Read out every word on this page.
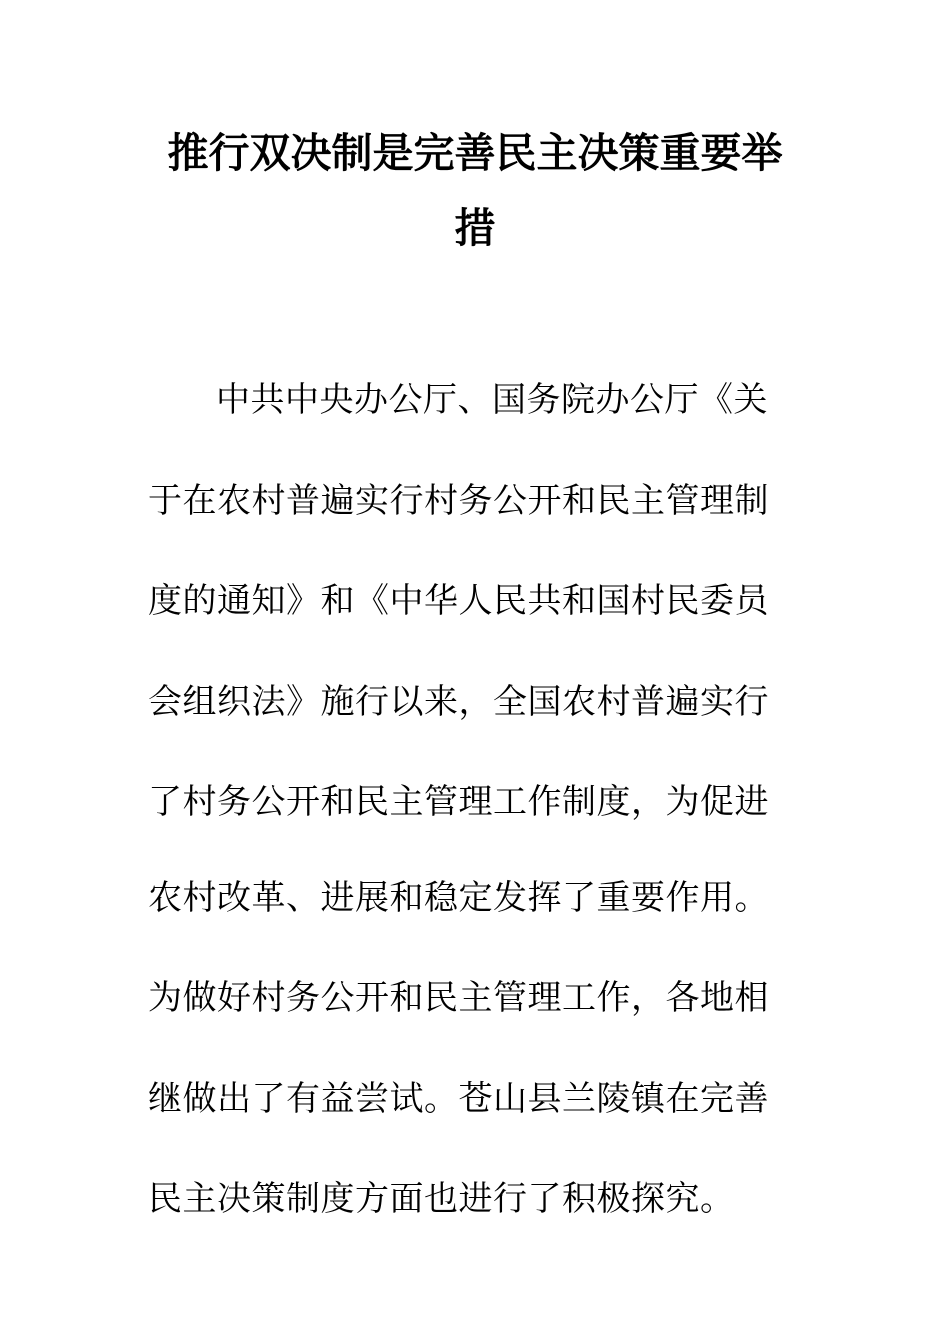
推行双决制是完善民主决策重要举
措
中共中央办公厅、国务院办公厅《关
于在农村普遍实行村务公开和民主管理制
度的通知》和《中华人民共和国村民委员
会组织法》施行以来，全国农村普遍实行
了村务公开和民主管理工作制度，为促进
农村改革、进展和稳定发挥了重要作用。
为做好村务公开和民主管理工作，各地相
继做出了有益尝试。苍山县兰陵镇在完善
民主决策制度方面也进行了积极探究。
